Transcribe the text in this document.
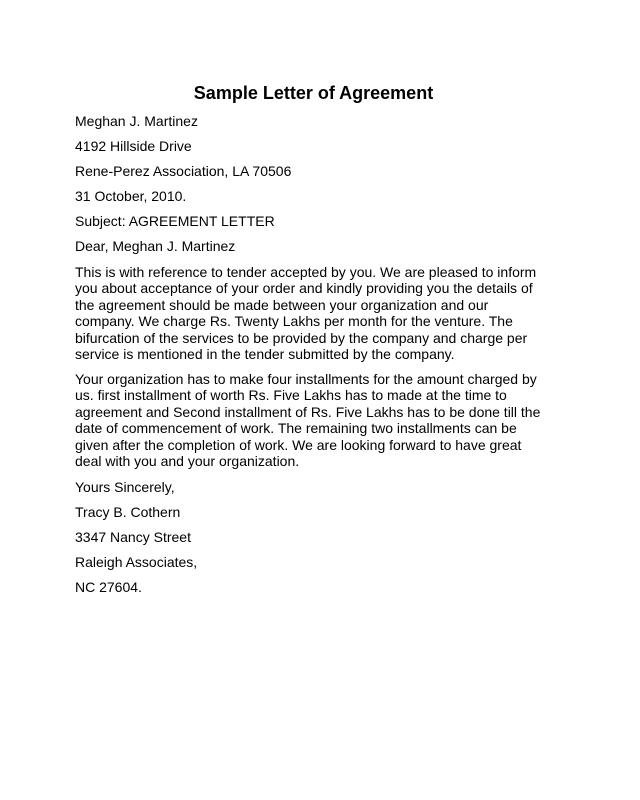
Sample Letter of Agreement
Meghan J. Martinez
4192 Hillside Drive
Rene-Perez Association, LA 70506
31 October, 2010.
Subject: AGREEMENT LETTER
Dear, Meghan J. Martinez
This is with reference to tender accepted by you. We are pleased to inform
you about acceptance of your order and kindly providing you the details of
the agreement should be made between your organization and our
company. We charge Rs. Twenty Lakhs per month for the venture. The
bifurcation of the services to be provided by the company and charge per
service is mentioned in the tender submitted by the company.
Your organization has to make four installments for the amount charged by
us. first installment of worth Rs. Five Lakhs has to made at the time to
agreement and Second installment of Rs. Five Lakhs has to be done till the
date of commencement of work. The remaining two installments can be
given after the completion of work. We are looking forward to have great
deal with you and your organization.
Yours Sincerely,
Tracy B. Cothern
3347 Nancy Street
Raleigh Associates,
NC 27604.
